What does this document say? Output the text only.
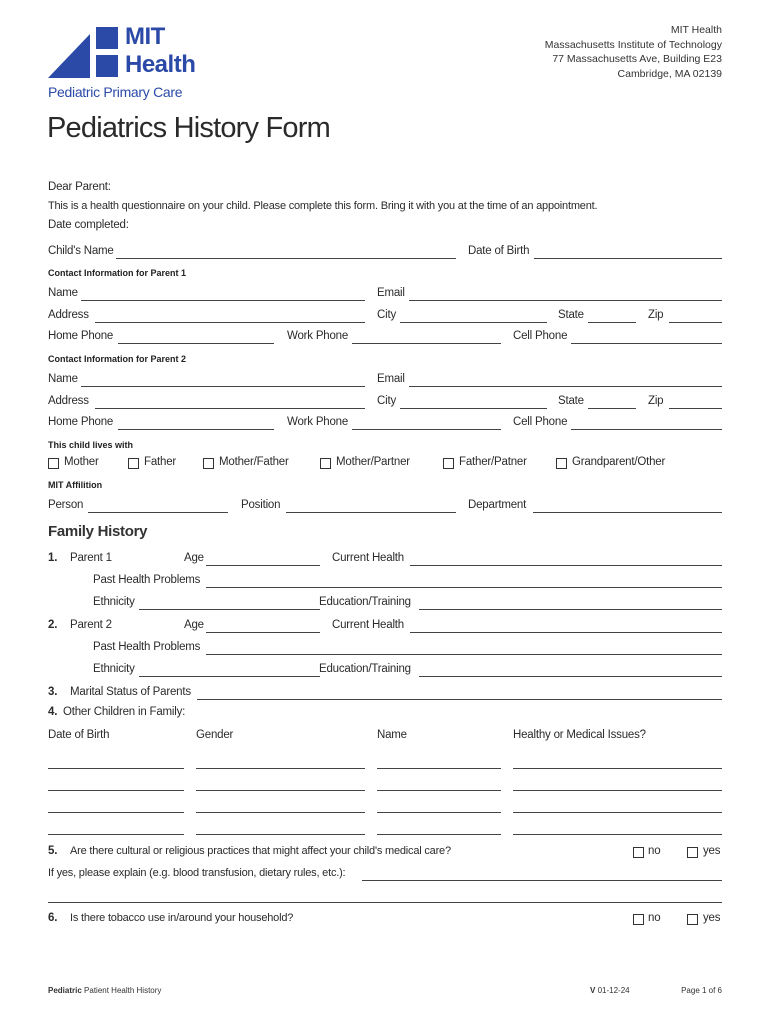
MIT
Health
Pediatric Primary Care
MIT Health
Massachusetts Institute of Technology
77 Massachusetts Ave, Building E23
Cambridge, MA 02139
Pediatrics History Form
Dear Parent:
This is a health questionnaire on your child. Please complete this form. Bring it with you at the time of an appointment.
Date completed:
Child's Name	Date of Birth
Contact Information for Parent 1
Name	Email
Address	City	State	Zip
Home Phone	Work Phone	Cell Phone
Contact Information for Parent 2
Name	Email
Address	City	State	Zip
Home Phone	Work Phone	Cell Phone
This child lives with
Mother	Father	Mother/Father	Mother/Partner	Father/Patner	Grandparent/Other
MIT Affilition
Person	Position	Department
Family History
1. Parent 1	Age	Current Health
Past Health Problems
Ethnicity	Education/Training
2. Parent 2	Age	Current Health
Past Health Problems
Ethnicity	Education/Training
3. Marital Status of Parents
4. Other Children in Family:
Date of Birth	Gender	Name	Healthy or Medical Issues?
5. Are there cultural or religious practices that might affect your child's medical care?	no	yes
If yes, please explain (e.g. blood transfusion, dietary rules, etc.):
6. Is there tobacco use in/around your household?	no	yes
Pediatric Patient Health History	V 01-12-24	Page 1 of 6
